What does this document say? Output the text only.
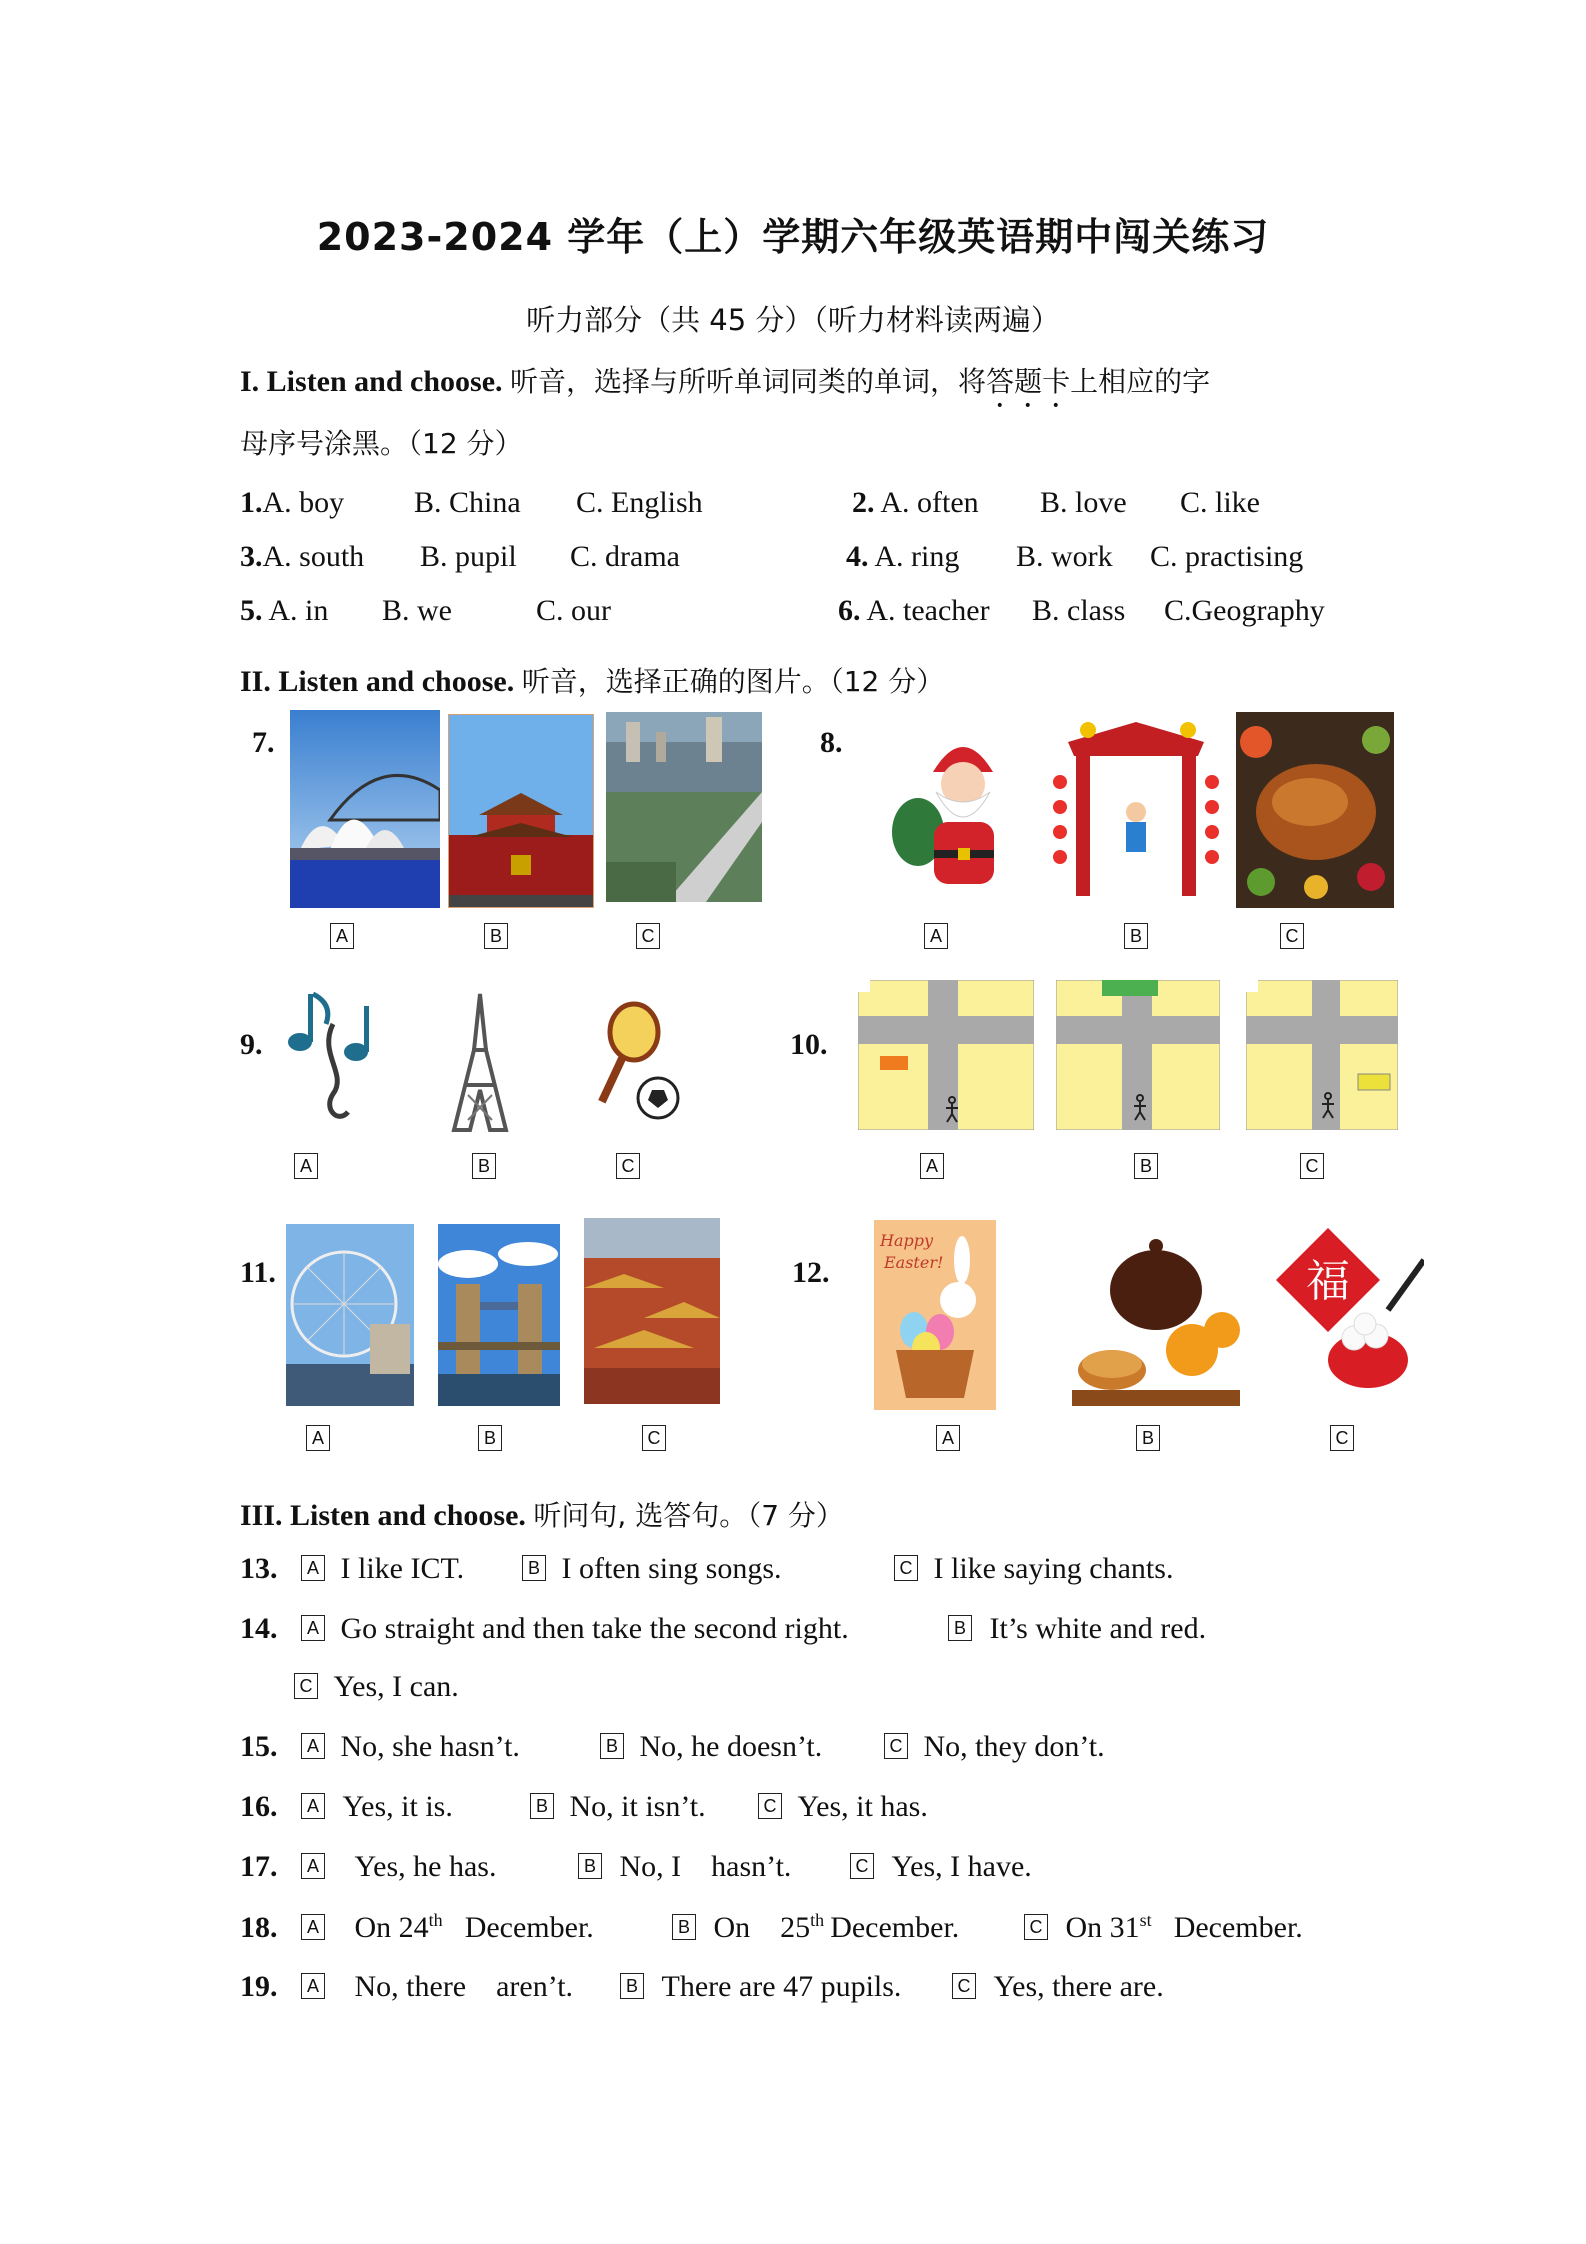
2023-2024 学年（上）学期六年级英语期中闯关练习
听力部分（共 45 分）（听力材料读两遍）
I. Listen and choose. 听音，选择与所听单词同类的单词，将答题卡上相应的字
母序号涂黑。（12 分）
1.A. boy B. China C. English	2. A. often B. love C. like
3.A. south B. pupil C. drama	4. A. ring B. work C. practising
5. A. in B. we	C. our	6. A. teacher B. class C.Geography
II. Listen and choose. 听音，选择正确的图片。（12 分）
7.
A	B	C
8.
A	B	C
9.
A	B	C
10.
A	B	C
11.
A	B	C
12.
Happy
Easter!	福
A	B	C
III. Listen and choose. 听问句, 选答句。（7 分）
13. A I like ICT.	B I often sing songs.	C I like saying chants.
14. A Go straight and then take the second right.	B It’s white and red.
C Yes, I can.
15. A No, she hasn’t.	B No, he doesn’t.	C No, they don’t.
16. A Yes, it is.	B No, it isn’t.	C Yes, it has.
17. A Yes, he has.	B No, I    hasn’t.	C Yes, I have.
18. A On 24th December.	B On    25th December.	C On 31st December.
19. A No, there    aren’t.	B There are 47 pupils.	C Yes, there are.
